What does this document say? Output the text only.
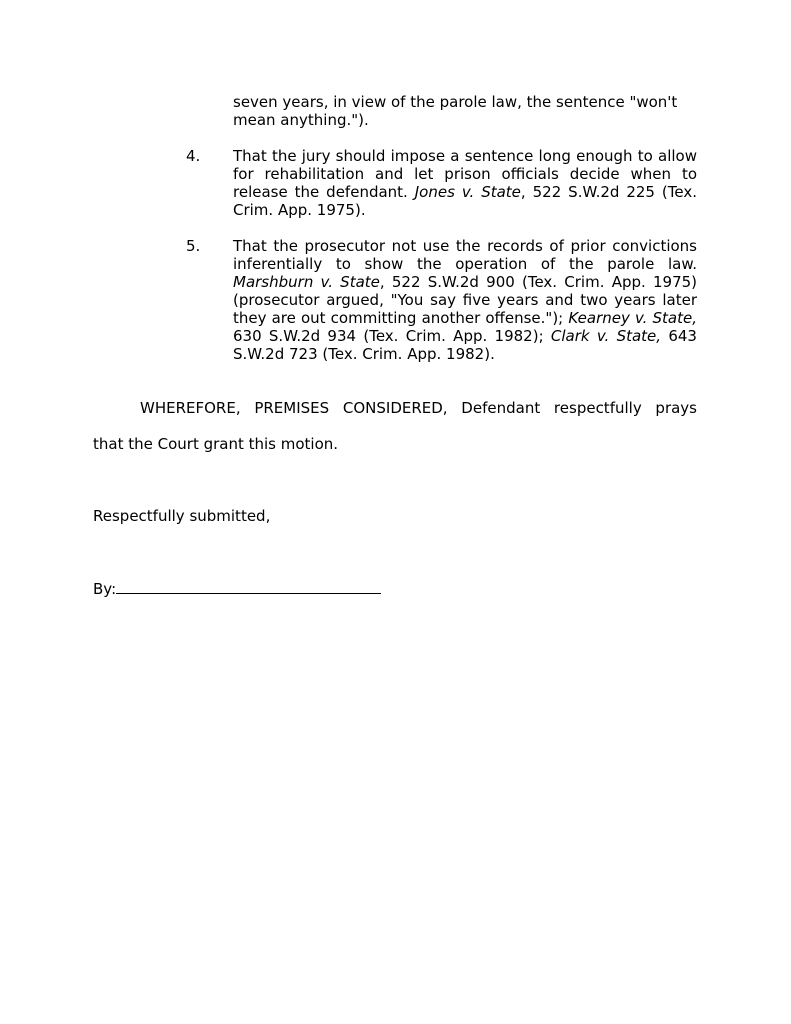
seven years, in view of the parole law, the sentence "won't mean anything.").

4.	That the jury should impose a sentence long enough to allow for rehabilitation and let prison officials decide when to release the defendant. Jones v. State, 522 S.W.2d 225 (Tex. Crim. App. 1975).
5.	That the prosecutor not use the records of prior convictions inferentially to show the operation of the parole law. Marshburn v. State, 522 S.W.2d 900 (Tex. Crim. App. 1975) (prosecutor argued, "You say five years and two years later they are out committing another offense."); Kearney v. State, 630 S.W.2d 934 (Tex. Crim. App. 1982); Clark v. State, 643 S.W.2d 723 (Tex. Crim. App. 1982).

WHEREFORE, PREMISES CONSIDERED, Defendant respectfully prays

that the Court grant this motion.

Respectfully submitted,

By:
